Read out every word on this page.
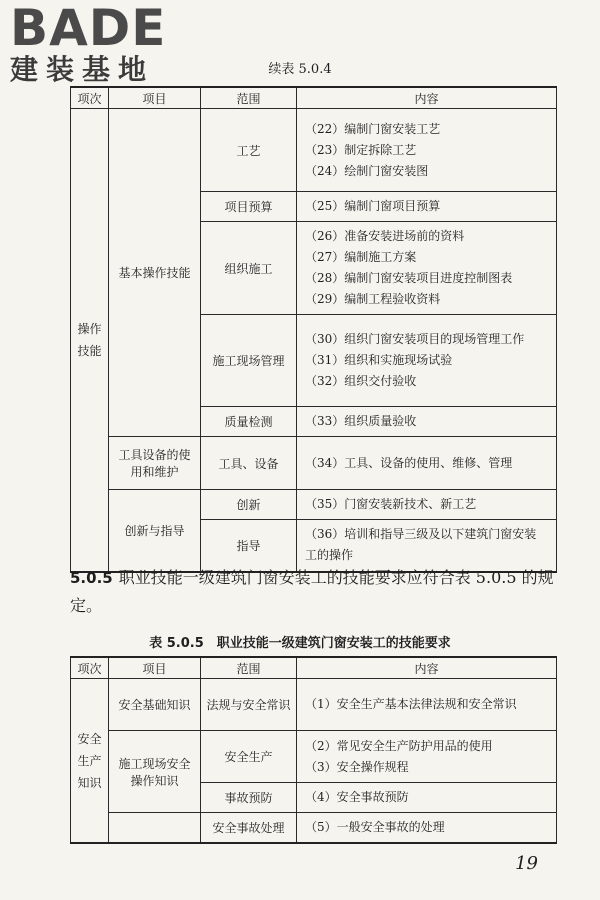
BADE
建装基地	续表 5.0.4
项次	项目	范围	内容
操作技能	基本操作技能	工艺	（22）编制门窗安装工艺
（23）制定拆除工艺
（24）绘制门窗安装图

		项目预算	（25）编制门窗项目预算

		组织施工	（26）准备安装进场前的资料
（27）编制施工方案
（28）编制门窗安装项目进度控制图表
（29）编制工程验收资料

		施工现场管理	（30）组织门窗安装项目的现场管理工作
（31）组织和实施现场试验
（32）组织交付验收

		质量检测	（33）组织质量验收

	工具设备的使用和维护	工具、设备	（34）工具、设备的使用、维修、管理

	创新与指导	创新	（35）门窗安装新技术、新工艺

		指导	（36）培训和指导三级及以下建筑门窗安装工的操作
5.0.5 职业技能一级建筑门窗安装工的技能要求应符合表 5.0.5 的规定。
表 5.0.5　职业技能一级建筑门窗安装工的技能要求
项次	项目	范围	内容
安全生产知识	安全基础知识	法规与安全常识	（1）安全生产基本法律法规和安全常识

	施工现场安全操作知识	安全生产	（2）常见安全生产防护用品的使用
（3）安全操作规程

		事故预防	（4）安全事故预防

		安全事故处理	（5）一般安全事故的处理
19
